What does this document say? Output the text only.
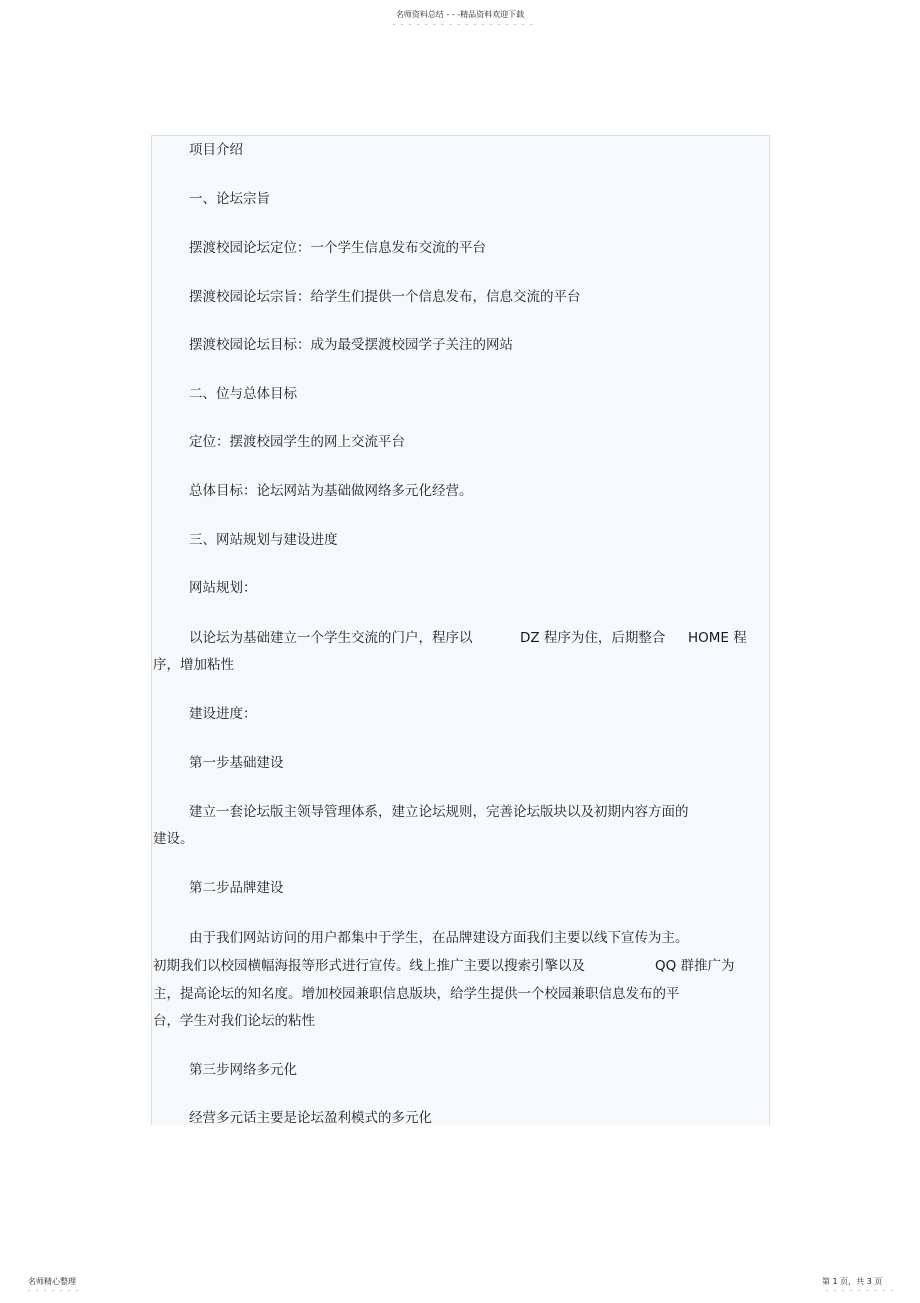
名师资料总结 - - -精品资料欢迎下载
- - - - - - - - - - - - - - - - - -
项目介绍
一、论坛宗旨
摆渡校园论坛定位：一个学生信息发布交流的平台
摆渡校园论坛宗旨：给学生们提供一个信息发布，信息交流的平台
摆渡校园论坛目标：成为最受摆渡校园学子关注的网站
二、位与总体目标
定位：摆渡校园学生的网上交流平台
总体目标：论坛网站为基础做网络多元化经营。
三、网站规划与建设进度
网站规划：
以论坛为基础建立一个学生交流的门户，程序以	DZ 程序为住，后期整合 HOME 程
序，增加粘性
建设进度：
第一步基础建设
建立一套论坛版主领导管理体系，建立论坛规则，完善论坛版块以及初期内容方面的
建设。
第二步品牌建设
由于我们网站访问的用户都集中于学生，在品牌建设方面我们主要以线下宣传为主。
初期我们以校园横幅海报等形式进行宣传。线上推广主要以搜索引擎以及	QQ 群推广为
主，提高论坛的知名度。增加校园兼职信息版块，给学生提供一个校园兼职信息发布的平
台，学生对我们论坛的粘性
第三步网络多元化
经营多元话主要是论坛盈利模式的多元化
名师精心整理
- - - - - - -
第 1 页，共 3 页
- - - - - - - - -
